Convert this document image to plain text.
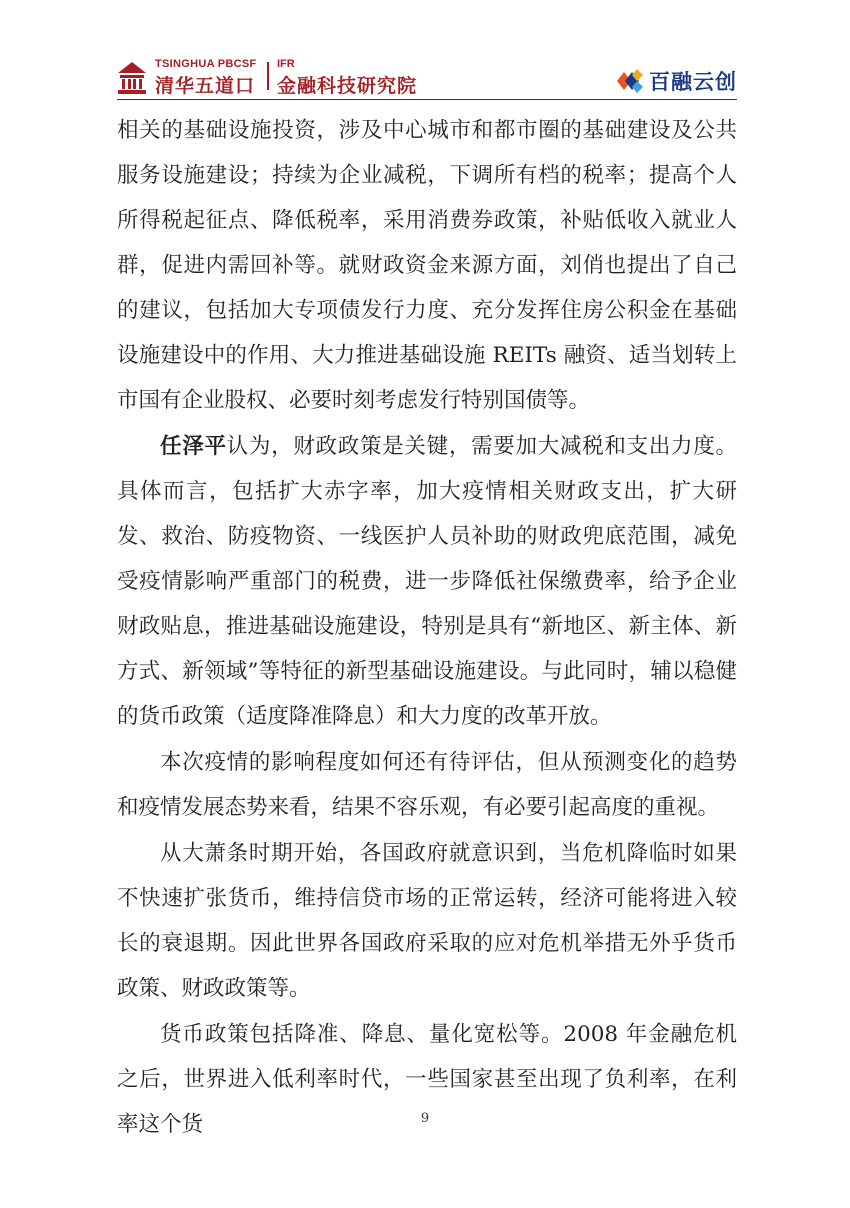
TSINGHUA PBCSF
清华五道口
IFR
金融科技研究院	百融云创

相关的基础设施投资，涉及中心城市和都市圈的基础建设及公共服务设施建设；持续为企业减税，下调所有档的税率；提高个人所得税起征点、降低税率，采用消费券政策，补贴低收入就业人群，促进内需回补等。就财政资金来源方面，刘俏也提出了自己的建议，包括加大专项债发行力度、充分发挥住房公积金在基础设施建设中的作用、大力推进基础设施 REITs 融资、适当划转上市国有企业股权、必要时刻考虑发行特别国债等。

任泽平认为，财政政策是关键，需要加大减税和支出力度。具体而言，包括扩大赤字率，加大疫情相关财政支出，扩大研发、救治、防疫物资、一线医护人员补助的财政兜底范围，减免受疫情影响严重部门的税费，进一步降低社保缴费率，给予企业财政贴息，推进基础设施建设，特别是具有“新地区、新主体、新方式、新领域”等特征的新型基础设施建设。与此同时，辅以稳健的货币政策（适度降准降息）和大力度的改革开放。

本次疫情的影响程度如何还有待评估，但从预测变化的趋势和疫情发展态势来看，结果不容乐观，有必要引起高度的重视。

从大萧条时期开始，各国政府就意识到，当危机降临时如果不快速扩张货币，维持信贷市场的正常运转，经济可能将进入较长的衰退期。因此世界各国政府采取的应对危机举措无外乎货币政策、财政政策等。

货币政策包括降准、降息、量化宽松等。2008 年金融危机之后，世界进入低利率时代，一些国家甚至出现了负利率，在利率这个货	9
